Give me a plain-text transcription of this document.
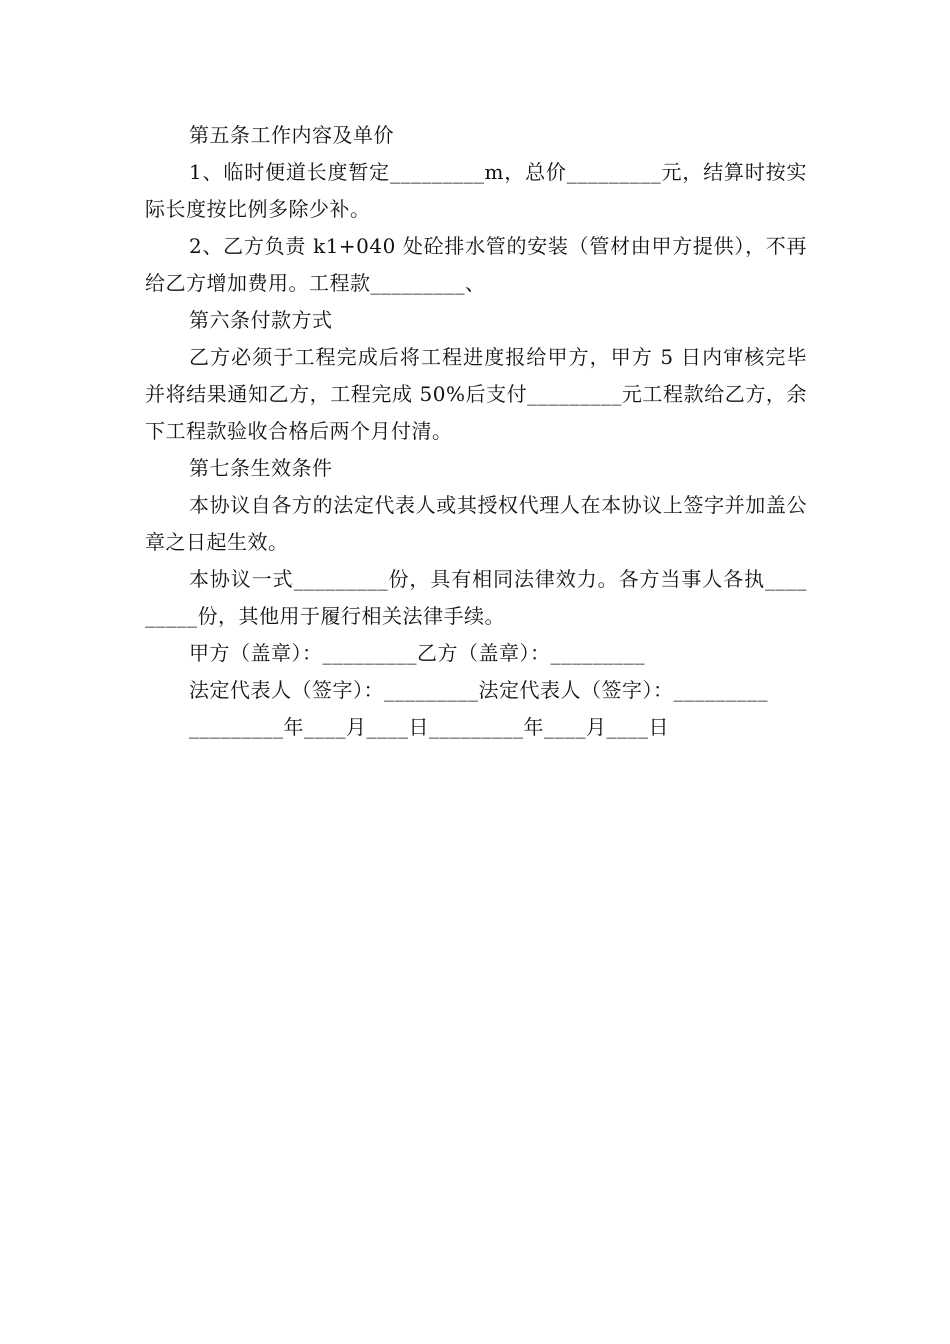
第五条工作内容及单价

1、临时便道长度暂定_________m，总价_________元，结算时按实际长度按比例多除少补。

2、乙方负责 k1+040 处砼排水管的安装（管材由甲方提供），不再给乙方增加费用。工程款_________、

第六条付款方式

乙方必须于工程完成后将工程进度报给甲方，甲方 5 日内审核完毕并将结果通知乙方，工程完成 50%后支付_________元工程款给乙方，余下工程款验收合格后两个月付清。

第七条生效条件

本协议自各方的法定代表人或其授权代理人在本协议上签字并加盖公章之日起生效。

本协议一式_________份，具有相同法律效力。各方当事人各执_________份，其他用于履行相关法律手续。

甲方（盖章）：_________乙方（盖章）：_________

法定代表人（签字）：_________法定代表人（签字）：_________

_________年____月____日_________年____月____日
